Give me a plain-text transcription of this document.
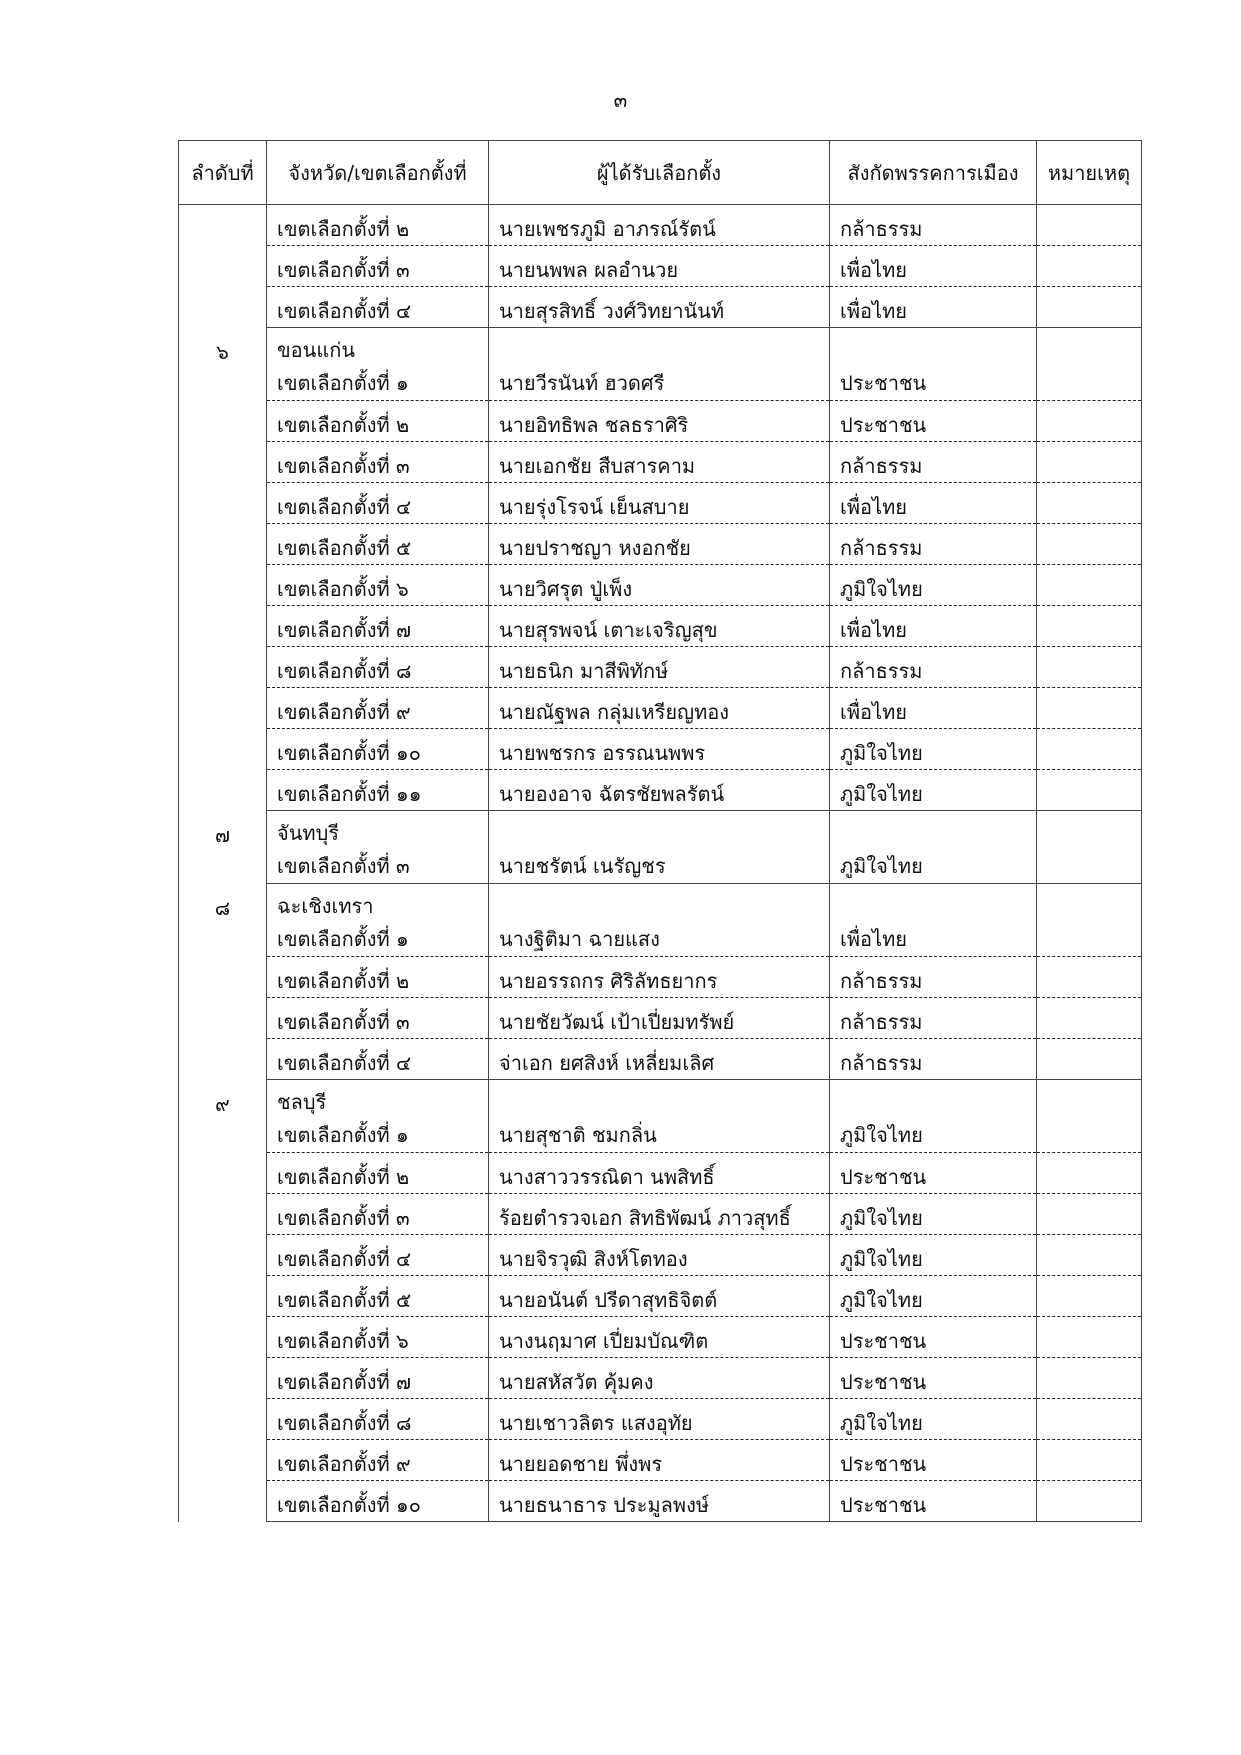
๓
ลำดับที่	จังหวัด/เขตเลือกตั้งที่	ผู้ได้รับเลือกตั้ง	สังกัดพรรคการเมือง	หมายเหตุ
	เขตเลือกตั้งที่ ๒	นายเพชรภูมิ อาภรณ์รัตน์	กล้าธรรม	
	เขตเลือกตั้งที่ ๓	นายนพพล ผลอำนวย	เพื่อไทย	
	เขตเลือกตั้งที่ ๔	นายสุรสิทธิ์ วงศ์วิทยานันท์	เพื่อไทย	
๖	ขอนแก่น			
	เขตเลือกตั้งที่ ๑	นายวีรนันท์ ฮวดศรี	ประชาชน	
	เขตเลือกตั้งที่ ๒	นายอิทธิพล ชลธราศิริ	ประชาชน	
	เขตเลือกตั้งที่ ๓	นายเอกชัย สืบสารคาม	กล้าธรรม	
	เขตเลือกตั้งที่ ๔	นายรุ่งโรจน์ เย็นสบาย	เพื่อไทย	
	เขตเลือกตั้งที่ ๕	นายปราชญา หงอกชัย	กล้าธรรม	
	เขตเลือกตั้งที่ ๖	นายวิศรุต ปู่เพ็ง	ภูมิใจไทย	
	เขตเลือกตั้งที่ ๗	นายสุรพจน์ เตาะเจริญสุข	เพื่อไทย	
	เขตเลือกตั้งที่ ๘	นายธนิก มาสีพิทักษ์	กล้าธรรม	
	เขตเลือกตั้งที่ ๙	นายณัฐพล กลุ่มเหรียญทอง	เพื่อไทย	
	เขตเลือกตั้งที่ ๑๐	นายพชรกร อรรณนพพร	ภูมิใจไทย	
	เขตเลือกตั้งที่ ๑๑	นายองอาจ ฉัตรชัยพลรัตน์	ภูมิใจไทย	
๗	จันทบุรี			
	เขตเลือกตั้งที่ ๓	นายชรัตน์ เนรัญชร	ภูมิใจไทย	
๘	ฉะเชิงเทรา			
	เขตเลือกตั้งที่ ๑	นางฐิติมา ฉายแสง	เพื่อไทย	
	เขตเลือกตั้งที่ ๒	นายอรรถกร ศิริลัทธยากร	กล้าธรรม	
	เขตเลือกตั้งที่ ๓	นายชัยวัฒน์ เป้าเปี่ยมทรัพย์	กล้าธรรม	
	เขตเลือกตั้งที่ ๔	จ่าเอก ยศสิงห์ เหลี่ยมเลิศ	กล้าธรรม	
๙	ชลบุรี			
	เขตเลือกตั้งที่ ๑	นายสุชาติ ชมกลิ่น	ภูมิใจไทย	
	เขตเลือกตั้งที่ ๒	นางสาววรรณิดา นพสิทธิ์	ประชาชน	
	เขตเลือกตั้งที่ ๓	ร้อยตำรวจเอก สิทธิพัฒน์ ภาวสุทธิ์	ภูมิใจไทย	
	เขตเลือกตั้งที่ ๔	นายจิรวุฒิ สิงห์โตทอง	ภูมิใจไทย	
	เขตเลือกตั้งที่ ๕	นายอนันต์ ปรีดาสุทธิจิตต์	ภูมิใจไทย	
	เขตเลือกตั้งที่ ๖	นางนฤมาศ เปี่ยมบัณฑิต	ประชาชน	
	เขตเลือกตั้งที่ ๗	นายสหัสวัต คุ้มคง	ประชาชน	
	เขตเลือกตั้งที่ ๘	นายเชาวลิตร แสงอุทัย	ภูมิใจไทย	
	เขตเลือกตั้งที่ ๙	นายยอดชาย พึ่งพร	ประชาชน	
	เขตเลือกตั้งที่ ๑๐	นายธนาธาร ประมูลพงษ์	ประชาชน	
